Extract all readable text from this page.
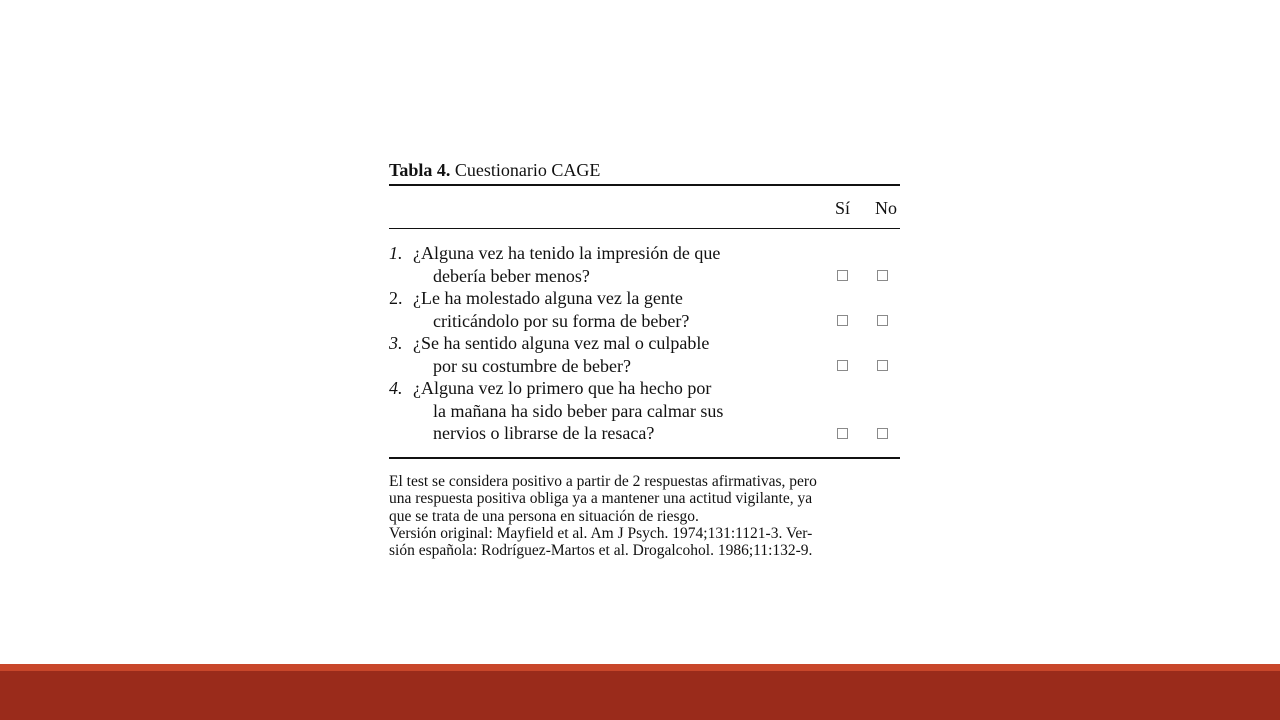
Tabla 4. Cuestionario CAGE
Sí No
1. ¿Alguna vez ha tenido la impresión de que
debería beber menos?
2. ¿Le ha molestado alguna vez la gente
criticándolo por su forma de beber?
3. ¿Se ha sentido alguna vez mal o culpable
por su costumbre de beber?
4. ¿Alguna vez lo primero que ha hecho por
la mañana ha sido beber para calmar sus
nervios o librarse de la resaca?
El test se considera positivo a partir de 2 respuestas afirmativas, pero
una respuesta positiva obliga ya a mantener una actitud vigilante, ya
que se trata de una persona en situación de riesgo.
Versión original: Mayfield et al. Am J Psych. 1974;131:1121-3. Ver-
sión española: Rodríguez-Martos et al. Drogalcohol. 1986;11:132-9.
